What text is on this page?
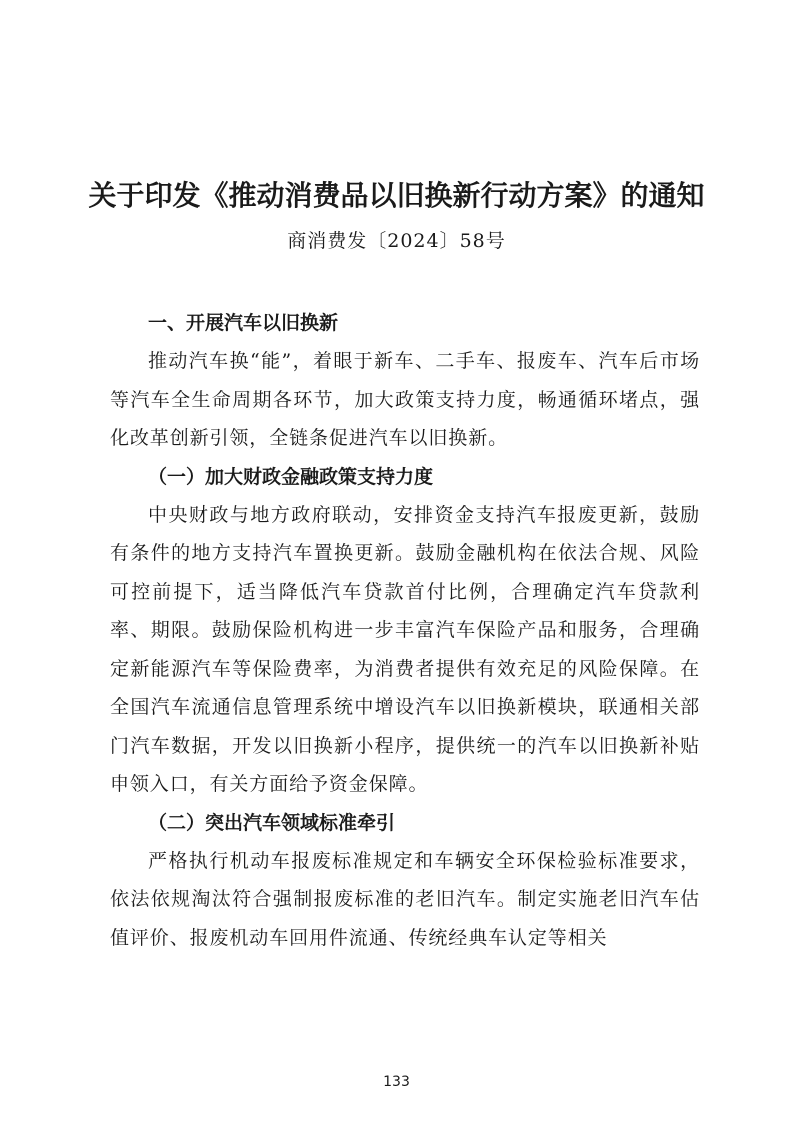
关于印发《推动消费品以旧换新行动方案》的通知

商消费发〔2024〕58号

一、开展汽车以旧换新

推动汽车换“能”，着眼于新车、二手车、报废车、汽车后市场等汽车全生命周期各环节，加大政策支持力度，畅通循环堵点，强化改革创新引领，全链条促进汽车以旧换新。

（一）加大财政金融政策支持力度

中央财政与地方政府联动，安排资金支持汽车报废更新，鼓励有条件的地方支持汽车置换更新。鼓励金融机构在依法合规、风险可控前提下，适当降低汽车贷款首付比例，合理确定汽车贷款利率、期限。鼓励保险机构进一步丰富汽车保险产品和服务，合理确定新能源汽车等保险费率，为消费者提供有效充足的风险保障。在全国汽车流通信息管理系统中增设汽车以旧换新模块，联通相关部门汽车数据，开发以旧换新小程序，提供统一的汽车以旧换新补贴申领入口，有关方面给予资金保障。

（二）突出汽车领域标准牵引

严格执行机动车报废标准规定和车辆安全环保检验标准要求，依法依规淘汰符合强制报废标准的老旧汽车。制定实施老旧汽车估值评价、报废机动车回用件流通、传统经典车认定等相关

133
